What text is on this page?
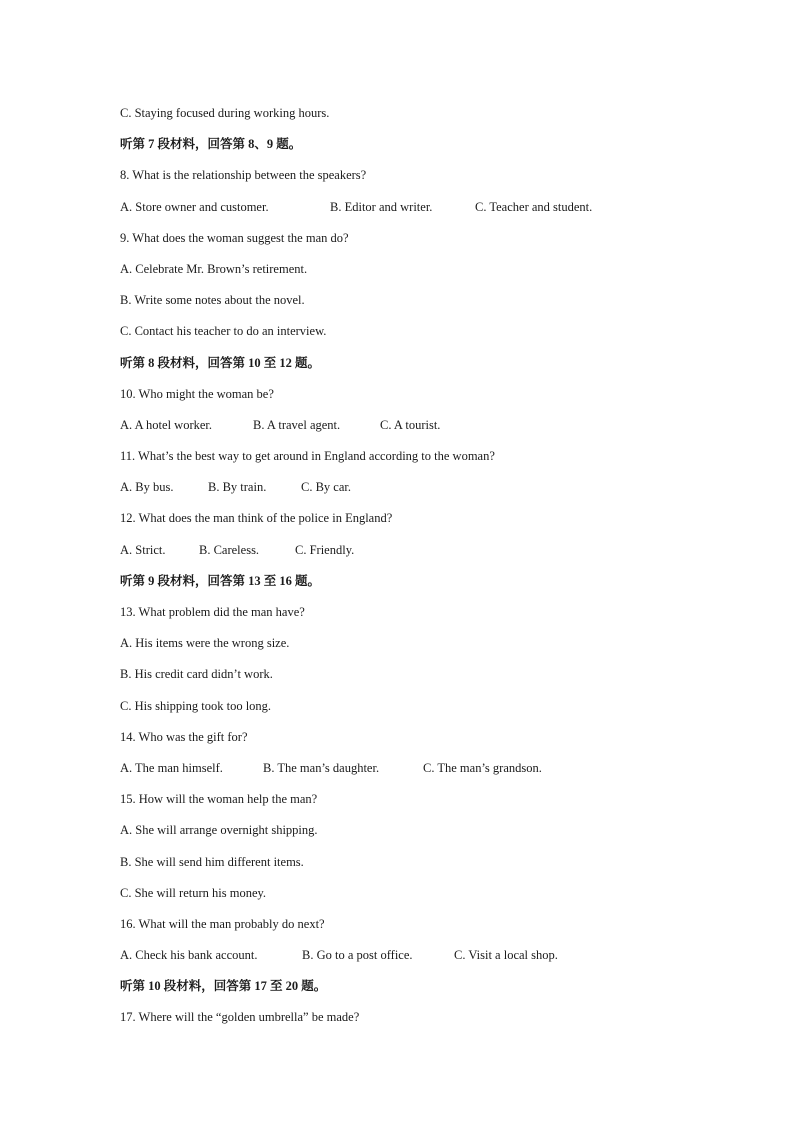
C. Staying focused during working hours.
听第 7 段材料，回答第 8、9 题。
8. What is the relationship between the speakers?
A. Store owner and customer.	B. Editor and writer.	C. Teacher and student.
9. What does the woman suggest the man do?
A. Celebrate Mr. Brown’s retirement.
B. Write some notes about the novel.
C. Contact his teacher to do an interview.
听第 8 段材料，回答第 10 至 12 题。
10. Who might the woman be?
A. A hotel worker.	B. A travel agent.	C. A tourist.
11. What’s the best way to get around in England according to the woman?
A. By bus.	B. By train.	C. By car.
12. What does the man think of the police in England?
A. Strict.	B. Careless.	C. Friendly.
听第 9 段材料，回答第 13 至 16 题。
13. What problem did the man have?
A. His items were the wrong size.
B. His credit card didn’t work.
C. His shipping took too long.
14. Who was the gift for?
A. The man himself.	B. The man’s daughter.	C. The man’s grandson.
15. How will the woman help the man?
A. She will arrange overnight shipping.
B. She will send him different items.
C. She will return his money.
16. What will the man probably do next?
A. Check his bank account.	B. Go to a post office.	C. Visit a local shop.
听第 10 段材料，回答第 17 至 20 题。
17. Where will the “golden umbrella” be made?
